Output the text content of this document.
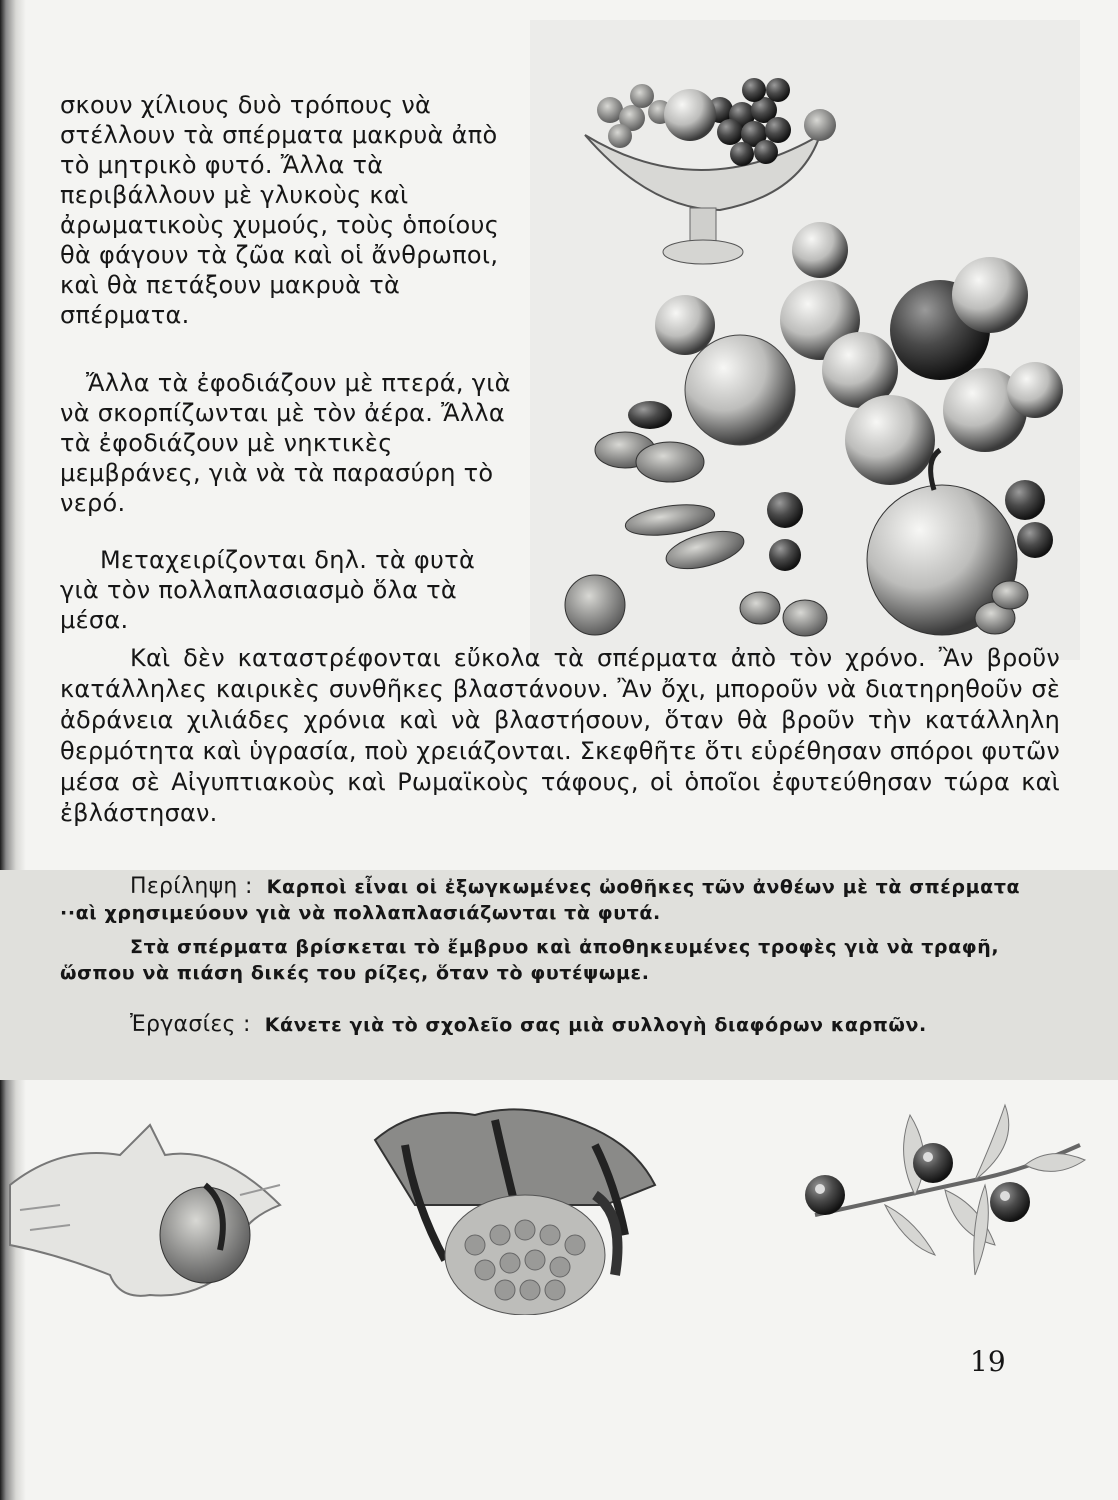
σκουν χίλιους δυὸ τρόπους νὰ στέλλουν τὰ σπέρματα μακρυὰ ἀπὸ τὸ μητρικὸ φυτό. Ἄλλα τὰ περιβάλλουν μὲ γλυκοὺς καὶ ἀρωματικοὺς χυμούς, τοὺς ὁποίους θὰ φάγουν τὰ ζῶα καὶ οἱ ἄνθρωποι, καὶ θὰ πετάξουν μακρυὰ τὰ σπέρματα.
Ἄλλα τὰ ἐφοδιάζουν μὲ πτερά, γιὰ νὰ σκορπίζωνται μὲ τὸν ἀέρα. Ἄλλα τὰ ἐφοδιάζουν μὲ νηκτικὲς μεμβράνες, γιὰ νὰ τὰ παρασύρη τὸ νερό.
Μεταχειρίζονται δηλ. τὰ φυτὰ γιὰ τὸν πολλαπλασιασμὸ ὅλα τὰ μέσα.
Καὶ δὲν καταστρέφονται εὔκολα τὰ σπέρματα ἀπὸ τὸν χρόνο. Ἂν βροῦν κατάλληλες καιρικὲς συνθῆκες βλαστάνουν. Ἂν ὄχι, μποροῦν νὰ διατηρηθοῦν σὲ ἀδράνεια χιλιάδες χρόνια καὶ νὰ βλαστήσουν, ὅταν θὰ βροῦν τὴν κατάλληλη θερμότητα καὶ ὑγρασία, ποὺ χρειάζονται. Σκεφθῆτε ὅτι εὑρέθησαν σπόροι φυτῶν μέσα σὲ Αἰγυπτιακοὺς καὶ Ρωμαϊκοὺς τάφους, οἱ ὁποῖοι ἐφυτεύθησαν τώρα καὶ ἐβλάστησαν.
Περίληψη : Καρποὶ εἶναι οἱ ἐξωγκωμένες ὠοθῆκες τῶν ἀνθέων μὲ τὰ σπέρματα ··αὶ χρησιμεύουν γιὰ νὰ πολλαπλασιάζωνται τὰ φυτά.
Στὰ σπέρματα βρίσκεται τὸ ἔμβρυο καὶ ἀποθηκευμένες τροφὲς γιὰ νὰ τραφῆ, ὥσπου νὰ πιάση δικές του ρίζες, ὅταν τὸ φυτέψωμε.
Ἐργασίες : Κάνετε γιὰ τὸ σχολεῖο σας μιὰ συλλογὴ διαφόρων καρπῶν.
19
